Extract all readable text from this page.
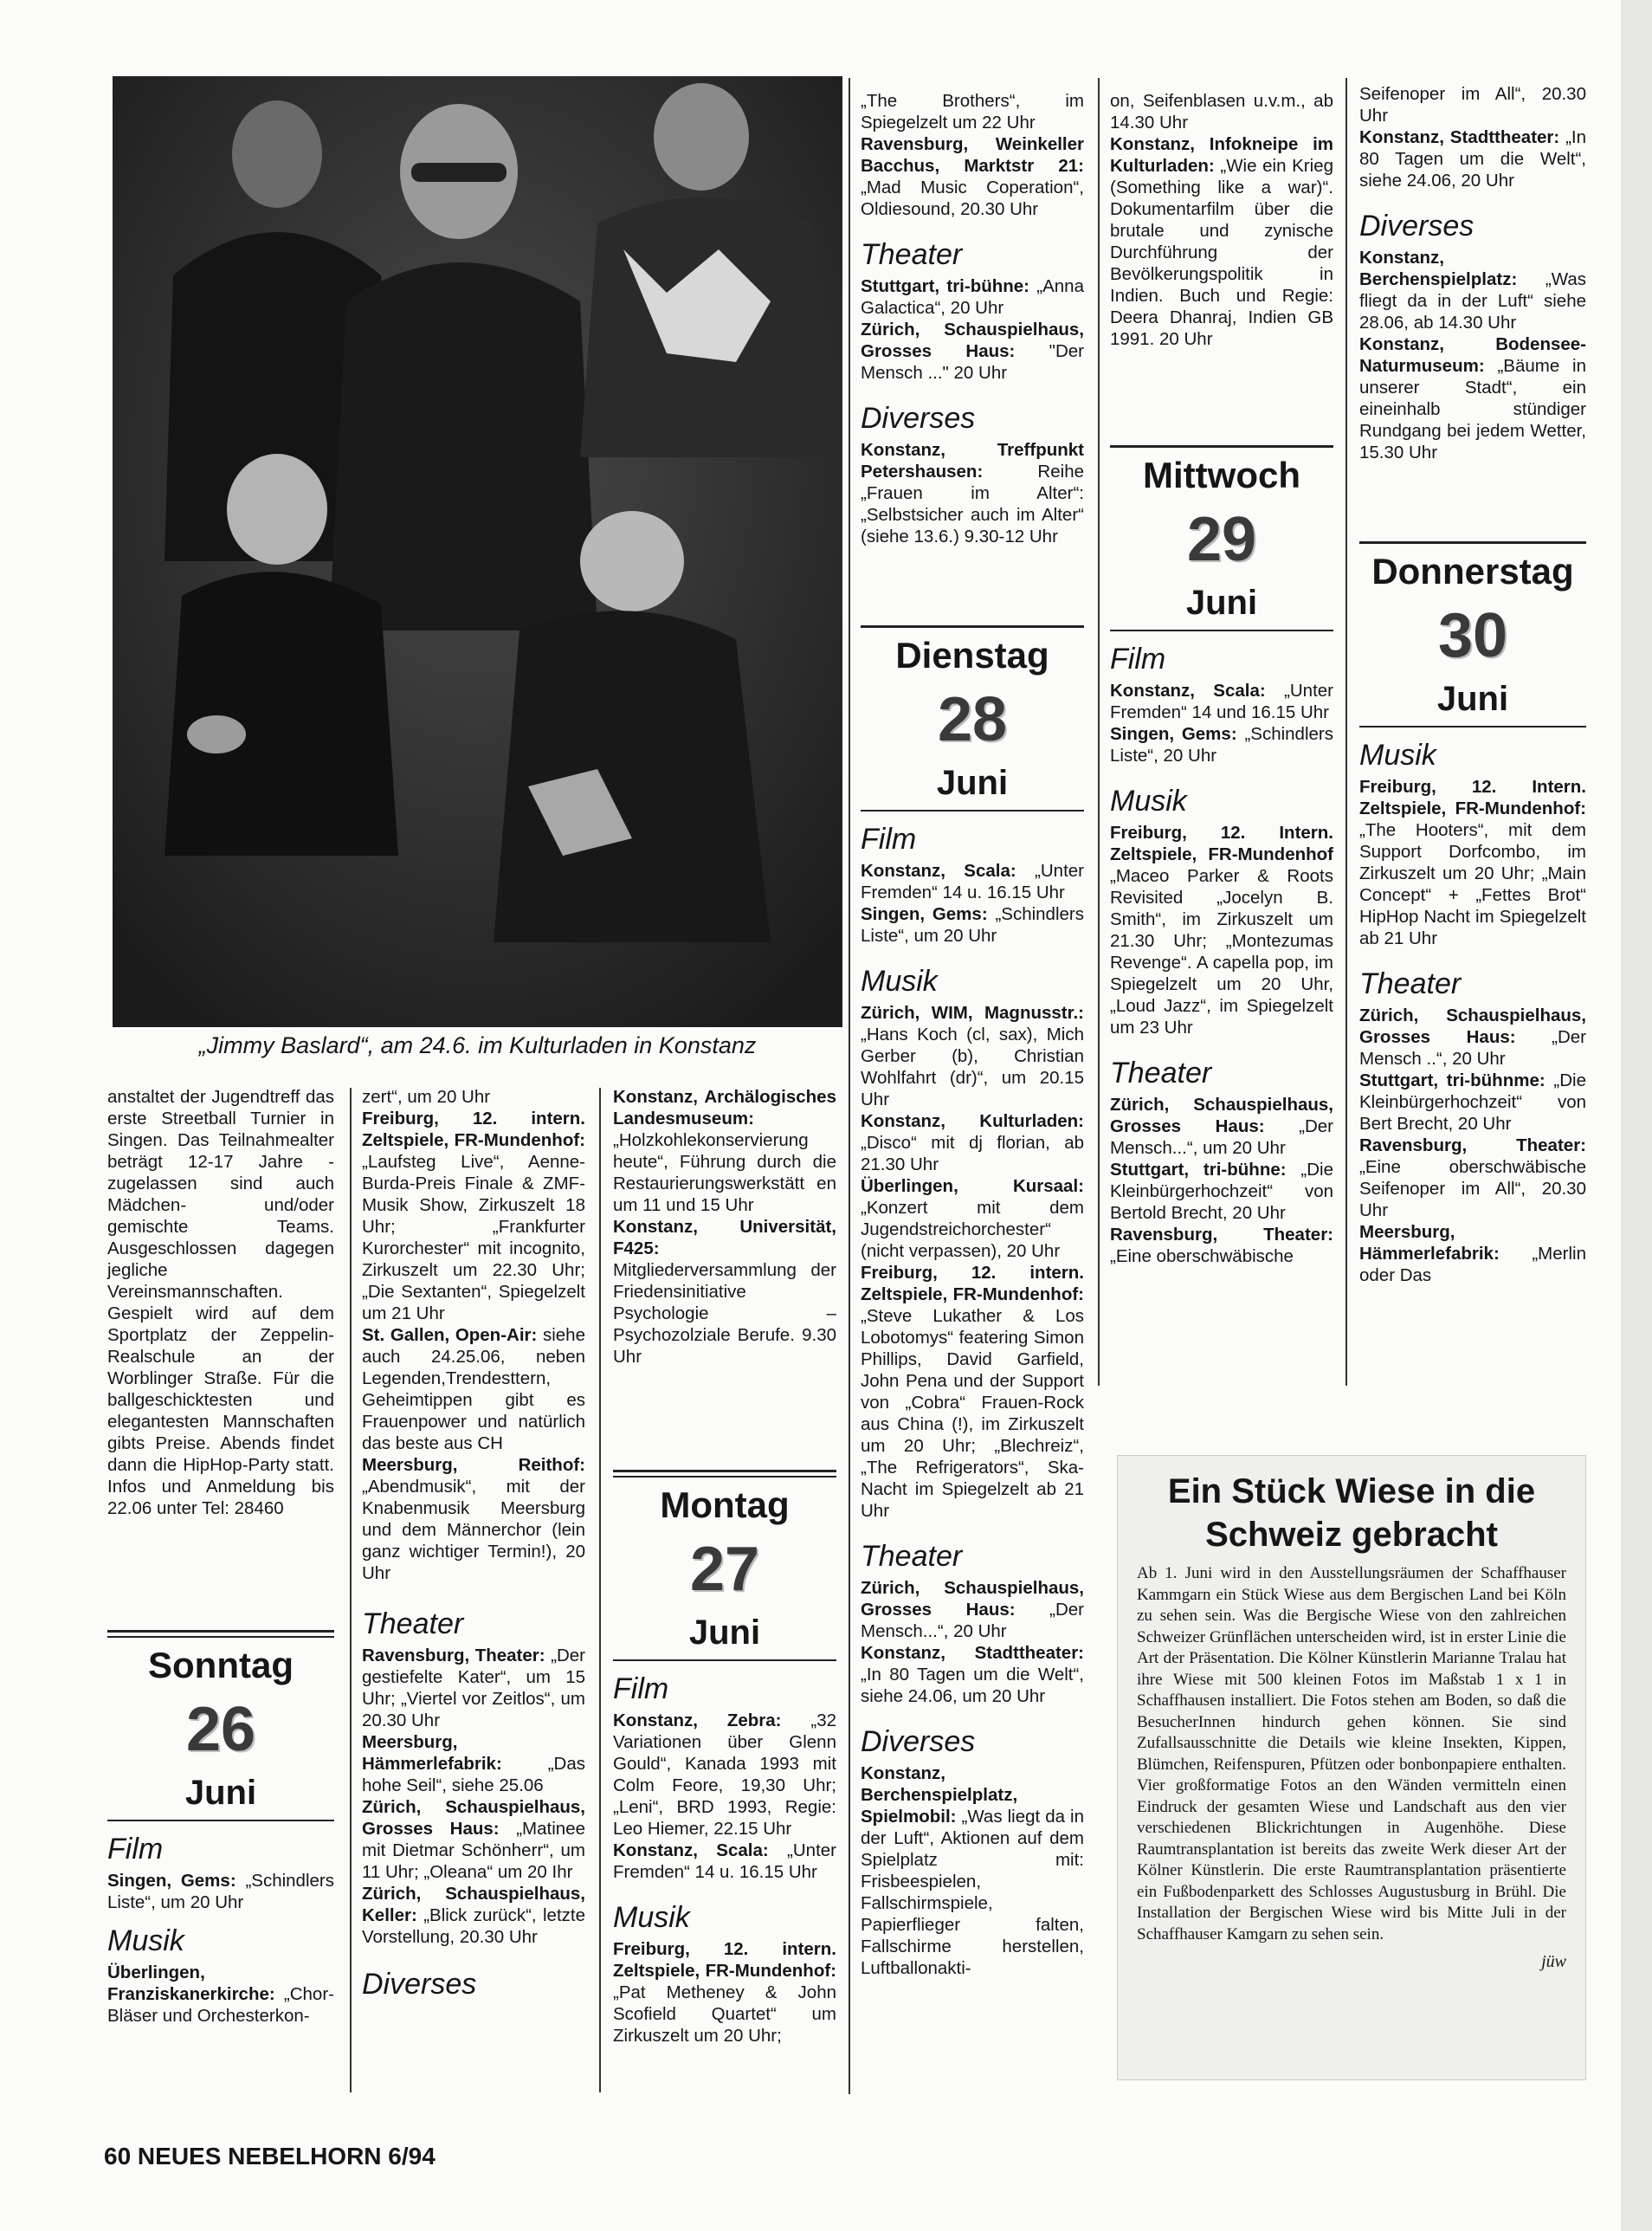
„Jimmy Baslard“, am 24.6. im Kulturladen in Konstanz

anstaltet der Jugendtreff das erste Streetball Turnier in Singen. Das Teilnahmealter beträgt 12-17 Jahre - zugelassen sind auch Mädchen- und/oder gemischte Teams. Ausgeschlossen dagegen jegliche Vereinsmannschaften. Gespielt wird auf dem Sportplatz der Zeppelin-Realschule an der Worblinger Straße. Für die ballgeschicktesten und elegantesten Mannschaften gibts Preise. Abends findet dann die HipHop-Party statt. Infos und Anmeldung bis 22.06 unter Tel: 28460

Sonntag
26
Juni
Film

Singen, Gems: „Schindlers Liste“, um 20 Uhr

Musik

Überlingen, Franziskanerkirche: „Chor-Bläser und Orchesterkon-

zert“, um 20 Uhr

Freiburg, 12. intern. Zeltspiele, FR-Mundenhof: „Laufsteg Live“, Aenne-Burda-Preis Finale & ZMF-Musik Show, Zirkuszelt 18 Uhr; „Frankfurter Kurorchester“ mit incognito, Zirkuszelt um 22.30 Uhr; „Die Sextanten“, Spiegelzelt um 21 Uhr

St. Gallen, Open-Air: siehe auch 24.25.06, neben Legenden,Trendesttern, Geheimtippen gibt es Frauenpower und natürlich das beste aus CH

Meersburg, Reithof: „Abendmusik“, mit der Knabenmusik Meersburg und dem Männerchor (lein ganz wichtiger Termin!), 20 Uhr

Theater

Ravensburg, Theater: „Der gestiefelte Kater“, um 15 Uhr; „Viertel vor Zeitlos“, um 20.30 Uhr

Meersburg, Hämmerlefabrik: „Das hohe Seil“, siehe 25.06

Zürich, Schauspielhaus, Grosses Haus: „Matinee mit Dietmar Schönherr“, um 11 Uhr; „Oleana“ um 20 Ihr

Zürich, Schauspielhaus, Keller: „Blick zurück“, letzte Vorstellung, 20.30 Uhr

Diverses

Konstanz, Archälogisches Landesmuseum: „Holzkohlekonservierung heute“, Führung durch die Restaurierungswerkstätt en um 11 und 15 Uhr

Konstanz, Universität, F425: Mitgliederversammlung der Friedensinitiative Psychologie – Psychozolziale Berufe. 9.30 Uhr

Montag
27
Juni
Film

Konstanz, Zebra: „32 Variationen über Glenn Gould“, Kanada 1993 mit Colm Feore, 19,30 Uhr; „Leni“, BRD 1993, Regie: Leo Hiemer, 22.15 Uhr

Konstanz, Scala: „Unter Fremden“ 14 u. 16.15 Uhr

Musik

Freiburg, 12. intern. Zeltspiele, FR-Mundenhof: „Pat Metheney & John Scofield Quartet“ um Zirkuszelt um 20 Uhr;

„The Brothers“, im Spiegelzelt um 22 Uhr

Ravensburg, Weinkeller Bacchus, Marktstr 21: „Mad Music Coperation“, Oldiesound, 20.30 Uhr

Theater

Stuttgart, tri-bühne: „Anna Galactica“, 20 Uhr

Zürich, Schauspielhaus, Grosses Haus: "Der Mensch ..." 20 Uhr

Diverses

Konstanz, Treffpunkt Petershausen: Reihe „Frauen im Alter“: „Selbstsicher auch im Alter“ (siehe 13.6.) 9.30-12 Uhr

Dienstag
28
Juni
Film

Konstanz, Scala: „Unter Fremden“ 14 u. 16.15 Uhr

Singen, Gems: „Schindlers Liste“, um 20 Uhr

Musik

Zürich, WIM, Magnusstr.: „Hans Koch (cl, sax), Mich Gerber (b), Christian Wohlfahrt (dr)“, um 20.15 Uhr

Konstanz, Kulturladen: „Disco“ mit dj florian, ab 21.30 Uhr

Überlingen, Kursaal: „Konzert mit dem Jugendstreichorchester“ (nicht verpassen), 20 Uhr

Freiburg, 12. intern. Zeltspiele, FR-Mundenhof: „Steve Lukather & Los Lobotomys“ featering Simon Phillips, David Garfield, John Pena und der Support von „Cobra“ Frauen-Rock aus China (!), im Zirkuszelt um 20 Uhr; „Blechreiz“, „The Refrigerators“, Ska-Nacht im Spiegelzelt ab 21 Uhr

Theater

Zürich, Schauspielhaus, Grosses Haus: „Der Mensch...“, 20 Uhr

Konstanz, Stadttheater: „In 80 Tagen um die Welt“, siehe 24.06, um 20 Uhr

Diverses

Konstanz, Berchenspielplatz, Spielmobil: „Was liegt da in der Luft“, Aktionen auf dem Spielplatz mit: Frisbeespielen, Fallschirmspiele, Papierflieger falten, Fallschirme herstellen, Luftballonakti-

on, Seifenblasen u.v.m., ab 14.30 Uhr

Konstanz, Infokneipe im Kulturladen: „Wie ein Krieg (Something like a war)“. Dokumentarfilm über die brutale und zynische Durchführung der Bevölkerungspolitik in Indien. Buch und Regie: Deera Dhanraj, Indien GB 1991. 20 Uhr

Mittwoch
29
Juni
Film

Konstanz, Scala: „Unter Fremden“ 14 und 16.15 Uhr

Singen, Gems: „Schindlers Liste“, 20 Uhr

Musik

Freiburg, 12. Intern. Zeltspiele, FR-Mundenhof „Maceo Parker & Roots Revisited „Jocelyn B. Smith“, im Zirkuszelt um 21.30 Uhr; „Montezumas Revenge“. A capella pop, im Spiegelzelt um 20 Uhr, „Loud Jazz“, im Spiegelzelt um 23 Uhr

Theater

Zürich, Schauspielhaus, Grosses Haus: „Der Mensch...“, um 20 Uhr

Stuttgart, tri-bühne: „Die Kleinbürgerhochzeit“ von Bertold Brecht, 20 Uhr

Ravensburg, Theater: „Eine oberschwäbische

Seifenoper im All“, 20.30 Uhr

Konstanz, Stadttheater: „In 80 Tagen um die Welt“, siehe 24.06, 20 Uhr

Diverses

Konstanz, Berchenspielplatz: „Was fliegt da in der Luft“ siehe 28.06, ab 14.30 Uhr

Konstanz, Bodensee-Naturmuseum: „Bäume in unserer Stadt“, ein eineinhalb stündiger Rundgang bei jedem Wetter, 15.30 Uhr

Donnerstag
30
Juni
Musik

Freiburg, 12. Intern. Zeltspiele, FR-Mundenhof: „The Hooters“, mit dem Support Dorfcombo, im Zirkuszelt um 20 Uhr; „Main Concept“ + „Fettes Brot“ HipHop Nacht im Spiegelzelt ab 21 Uhr

Theater

Zürich, Schauspielhaus, Grosses Haus: „Der Mensch ..“, 20 Uhr

Stuttgart, tri-bühnme: „Die Kleinbürgerhochzeit“ von Bert Brecht, 20 Uhr

Ravensburg, Theater: „Eine oberschwäbische Seifenoper im All“, 20.30 Uhr

Meersburg, Hämmerlefabrik: „Merlin oder Das

Ein Stück Wiese in die Schweiz gebracht
Ab 1. Juni wird in den Ausstellungsräumen der Schaffhauser Kammgarn ein Stück Wiese aus dem Bergischen Land bei Köln zu sehen sein. Was die Bergische Wiese von den zahlreichen Schweizer Grünflächen unterscheiden wird, ist in erster Linie die Art der Präsentation. Die Kölner Künstlerin Marianne Tralau hat ihre Wiese mit 500 kleinen Fotos im Maßstab 1 x 1 in Schaffhausen installiert. Die Fotos stehen am Boden, so daß die BesucherInnen hindurch gehen können. Sie sind Zufallsausschnitte die Details wie kleine Insekten, Kippen, Blümchen, Reifenspuren, Pfützen oder bonbonpapiere enthalten. Vier großformatige Fotos an den Wänden vermitteln einen Eindruck der gesamten Wiese und Landschaft aus den vier verschiedenen Blickrichtungen in Augenhöhe. Diese Raumtransplantation ist bereits das zweite Werk dieser Art der Kölner Künstlerin. Die erste Raumtransplantation präsentierte ein Fußbodenparkett des Schlosses Augustusburg in Brühl. Die Installation der Bergischen Wiese wird bis Mitte Juli in der Schaffhauser Kamgarn zu sehen sein.
jüw
60 NEUES NEBELHORN 6/94
